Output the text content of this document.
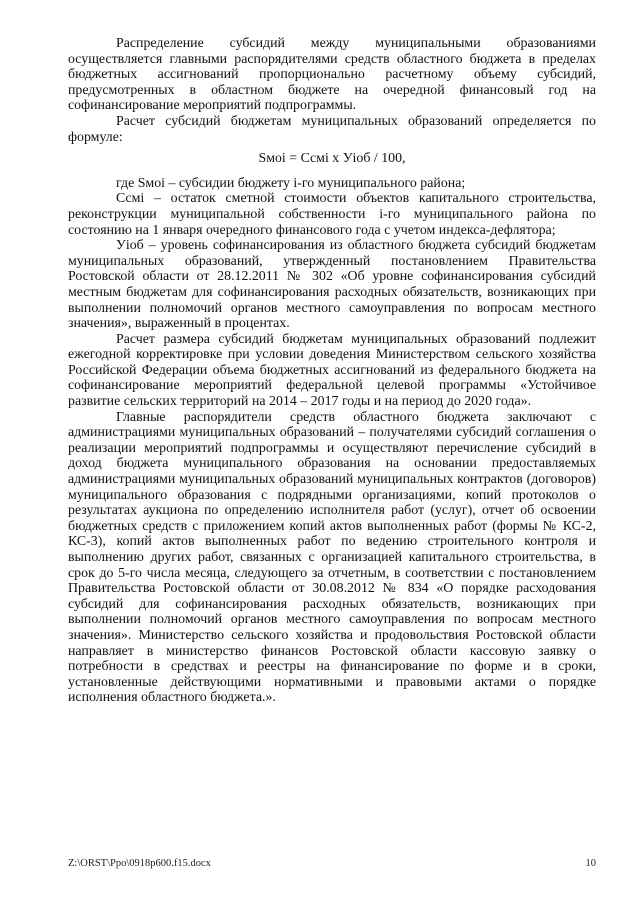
Распределение субсидий между муниципальными образованиями осуществляется главными распорядителями средств областного бюджета в пределах бюджетных ассигнований пропорционально расчетному объему субсидий, предусмотренных в областном бюджете на очередной финансовый год на софинансирование мероприятий подпрограммы.

Расчет субсидий бюджетам муниципальных образований определяется по формуле:

Sмоi = Ссмi х Уioб / 100,

где Sмоi – субсидии бюджету i-го муниципального района;

Ссмi – остаток сметной стоимости объектов капитального строительства, реконструкции муниципальной собственности i-го муниципального района по состоянию на 1 января очередного финансового года с учетом индекса-дефлятора;

Уioб – уровень софинансирования из областного бюджета субсидий бюджетам муниципальных образований, утвержденный постановлением Правительства Ростовской области от 28.12.2011 № 302 «Об уровне софинансирования субсидий местным бюджетам для софинансирования расходных обязательств, возникающих при выполнении полномочий органов местного самоуправления по вопросам местного значения», выраженный в процентах.

Расчет размера субсидий бюджетам муниципальных образований подлежит ежегодной корректировке при условии доведения Министерством сельского хозяйства Российской Федерации объема бюджетных ассигнований из федерального бюджета на софинансирование мероприятий федеральной целевой программы «Устойчивое развитие сельских территорий на 2014 – 2017 годы и на период до 2020 года».

Главные распорядители средств областного бюджета заключают с администрациями муниципальных образований – получателями субсидий соглашения о реализации мероприятий подпрограммы и осуществляют перечисление субсидий в доход бюджета муниципального образования на основании предоставляемых администрациями муниципальных образований муниципальных контрактов (договоров) муниципального образования с подрядными организациями, копий протоколов о результатах аукциона по определению исполнителя работ (услуг), отчет об освоении бюджетных средств с приложением копий актов выполненных работ (формы № КС-2, КС-3), копий актов выполненных работ по ведению строительного контроля и выполнению других работ, связанных с организацией капитального строительства, в срок до 5-го числа месяца, следующего за отчетным, в соответствии с постановлением Правительства Ростовской области от 30.08.2012 № 834 «О порядке расходования субсидий для софинансирования расходных обязательств, возникающих при выполнении полномочий органов местного самоуправления по вопросам местного значения». Министерство сельского хозяйства и продовольствия Ростовской области направляет в министерство финансов Ростовской области кассовую заявку о потребности в средствах и реестры на финансирование по форме и в сроки, установленные действующими нормативными и правовыми актами о порядке исполнения областного бюджета.».

Z:\ORST\Ppo\0918p600.f15.docx	10
